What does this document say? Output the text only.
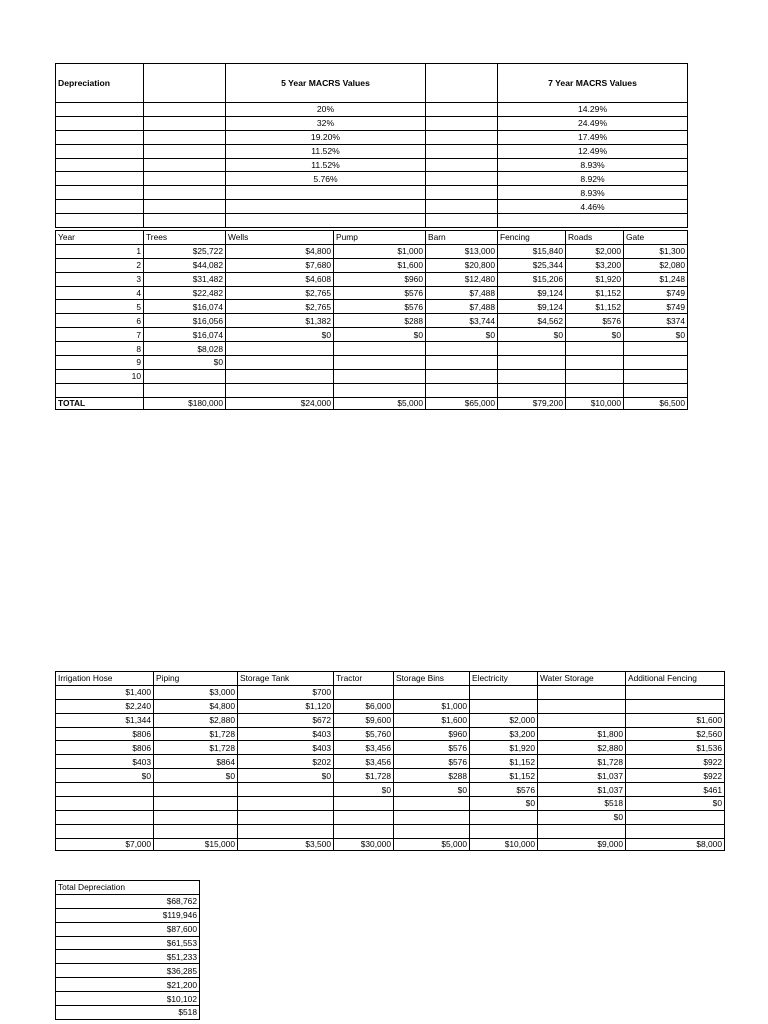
Depreciation		5 Year MACRS Values		7 Year MACRS Values
		20%		14.29%
		32%		24.49%
		19.20%		17.49%
		11.52%		12.49%
		11.52%		8.93%
		5.76%		8.92%
				8.93%
				4.46%

Year	Trees	Wells	Pump	Barn	Fencing	Roads	Gate
1	$25,722	$4,800	$1,000	$13,000	$15,840	$2,000	$1,300
2	$44,082	$7,680	$1,600	$20,800	$25,344	$3,200	$2,080
3	$31,482	$4,608	$960	$12,480	$15,206	$1,920	$1,248
4	$22,482	$2,765	$576	$7,488	$9,124	$1,152	$749
5	$16,074	$2,765	$576	$7,488	$9,124	$1,152	$749
6	$16,056	$1,382	$288	$3,744	$4,562	$576	$374
7	$16,074	$0	$0	$0	$0	$0	$0
8	$8,028						
9	$0						
10							

TOTAL	$180,000	$24,000	$5,000	$65,000	$79,200	$10,000	$6,500
Irrigation Hose	Piping	Storage Tank	Tractor	Storage Bins	Electricity	Water Storage	Additional Fencing
$1,400	$3,000	$700					
$2,240	$4,800	$1,120	$6,000	$1,000			
$1,344	$2,880	$672	$9,600	$1,600	$2,000		$1,600
$806	$1,728	$403	$5,760	$960	$3,200	$1,800	$2,560
$806	$1,728	$403	$3,456	$576	$1,920	$2,880	$1,536
$403	$864	$202	$3,456	$576	$1,152	$1,728	$922
$0	$0	$0	$1,728	$288	$1,152	$1,037	$922
			$0	$0	$576	$1,037	$461
					$0	$518	$0
						$0	

$7,000	$15,000	$3,500	$30,000	$5,000	$10,000	$9,000	$8,000
Total Depreciation
$68,762
$119,946
$87,600
$61,553
$51,233
$36,285
$21,200
$10,102
$518
